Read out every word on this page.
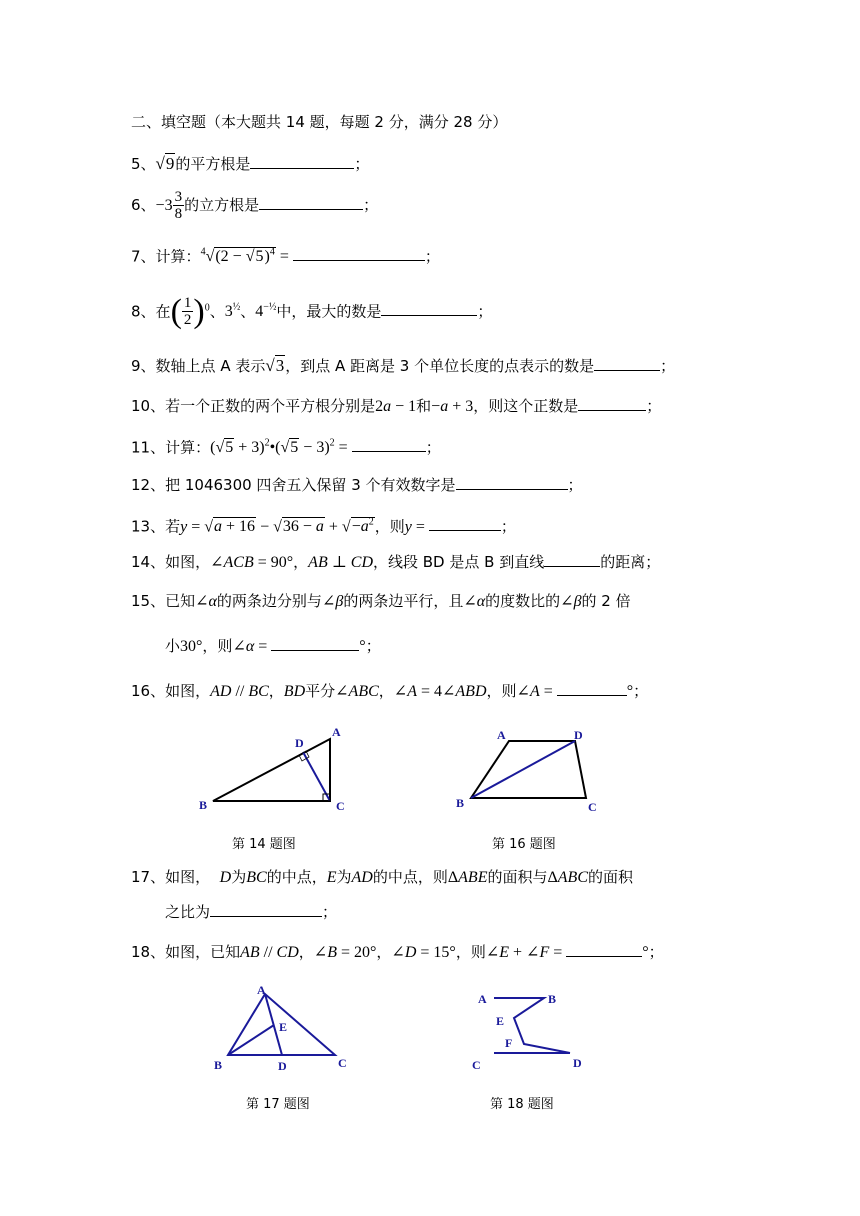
二、填空题（本大题共 14 题，每题 2 分，满分 28 分）
5、√9的平方根是	；
6、$-3 \frac{3}{8}$ 的立方根是	；
7、计算：$^4√(2 - √5)^4$ =	；
8、在( $\frac{1}{2} )^0$、$3^{\frac{1}{2}}$、$4^{-\frac{1}{2}}$中，最大的数是	；
9、数轴上点 A 表示√3，到点 A 距离是 3 个单位长度的点表示的数是	；
10、若一个正数的两个平方根分别是2a − 1和−a + 3，则这个正数是	；
11、计算：$(√5 + 3)^2•(√5 - 3)^2$ =	；
12、把 1046300 四舍五入保留 3 个有效数字是	；
13、若$y = √a + 16 - √36 - a + √-a^2$，则y =	；
14、如图，∠ACB = 90°，AB ⊥ CD，线段 BD 是点 B 到直线	的距离；
15、已知∠α的两条边分别与∠β的两条边平行，且∠α的度数比的∠β的 2 倍
小30°，则∠α =	°；
16、如图，AD // BC，BD平分∠ABC，∠A = 4∠ABD，则∠A =	°；
A
B	C
D
第 14 题图
A	D
B	C
第 16 题图
17、如图， D为BC的中点，E为AD的中点，则ΔABE的面积与ΔABC的面积
之比为	；
18、如图，已知AB // CD，∠B = 20°，∠D = 15°，则∠E + ∠F =	°；
A
B	C
D
E
第 17 题图
A	B
E
F
C	D
第 18 题图
